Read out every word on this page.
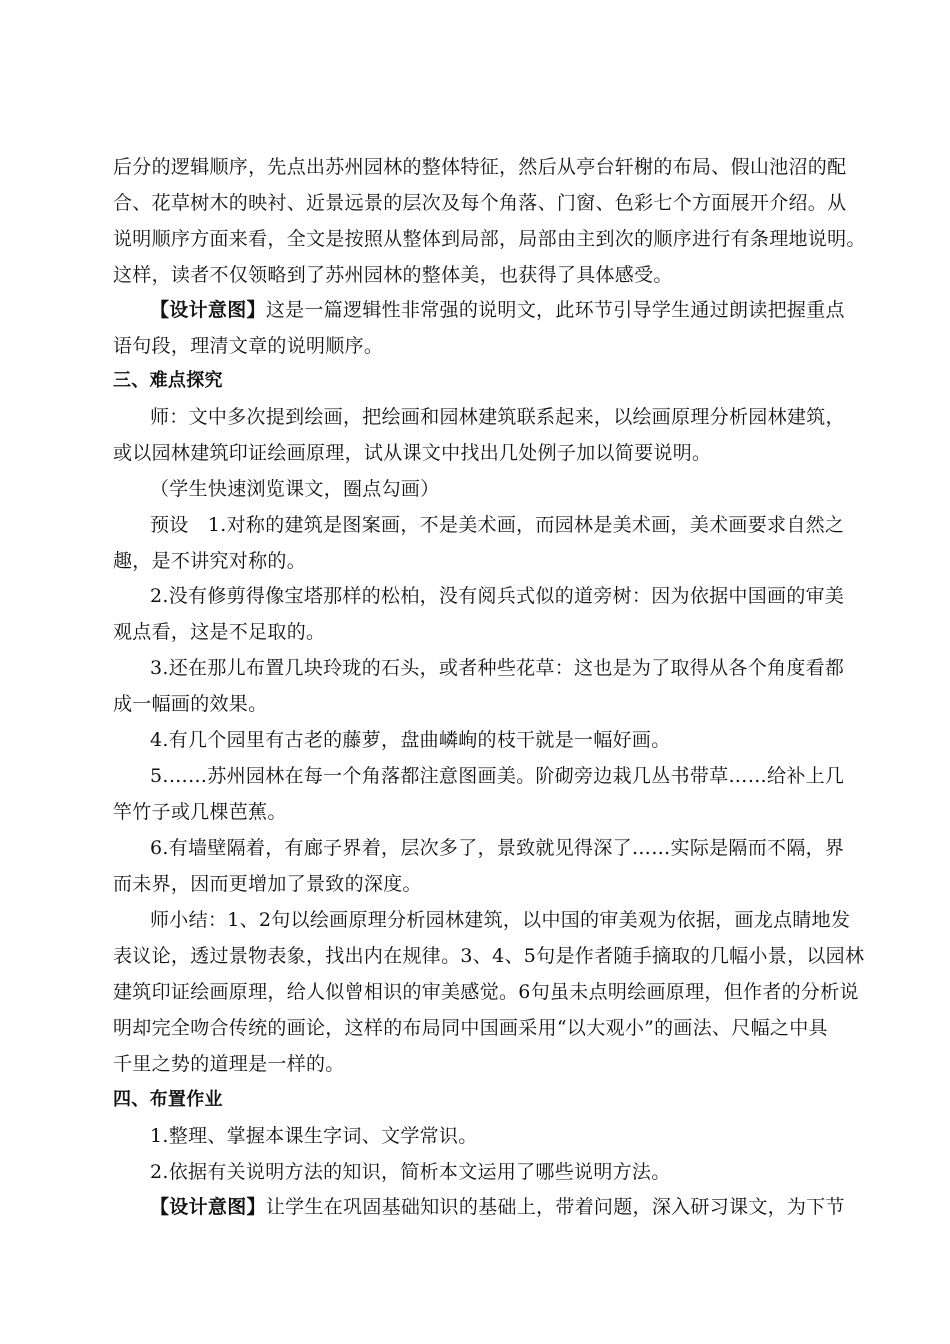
后分的逻辑顺序，先点出苏州园林的整体特征，然后从亭台轩榭的布局、假山池沼的配
合、花草树木的映衬、近景远景的层次及每个角落、门窗、色彩七个方面展开介绍。从
说明顺序方面来看，全文是按照从整体到局部，局部由主到次的顺序进行有条理地说明。
这样，读者不仅领略到了苏州园林的整体美，也获得了具体感受。
【设计意图】这是一篇逻辑性非常强的说明文，此环节引导学生通过朗读把握重点
语句段，理清文章的说明顺序。
三、难点探究
师：文中多次提到绘画，把绘画和园林建筑联系起来，以绘画原理分析园林建筑，
或以园林建筑印证绘画原理，试从课文中找出几处例子加以简要说明。
（学生快速浏览课文，圈点勾画）
预设　1.对称的建筑是图案画，不是美术画，而园林是美术画，美术画要求自然之
趣，是不讲究对称的。
2.没有修剪得像宝塔那样的松柏，没有阅兵式似的道旁树：因为依据中国画的审美
观点看，这是不足取的。
3.还在那儿布置几块玲珑的石头，或者种些花草：这也是为了取得从各个角度看都
成一幅画的效果。
4.有几个园里有古老的藤萝，盘曲嶙峋的枝干就是一幅好画。
5.……苏州园林在每一个角落都注意图画美。阶砌旁边栽几丛书带草……给补上几
竿竹子或几棵芭蕉。
6.有墙壁隔着，有廊子界着，层次多了，景致就见得深了……实际是隔而不隔，界
而未界，因而更增加了景致的深度。
师小结：1、2句以绘画原理分析园林建筑，以中国的审美观为依据，画龙点睛地发
表议论，透过景物表象，找出内在规律。3、4、5句是作者随手摘取的几幅小景，以园林
建筑印证绘画原理，给人似曾相识的审美感觉。6句虽未点明绘画原理，但作者的分析说
明却完全吻合传统的画论，这样的布局同中国画采用“以大观小”的画法、尺幅之中具
千里之势的道理是一样的。
四、布置作业
1.整理、掌握本课生字词、文学常识。
2.依据有关说明方法的知识，简析本文运用了哪些说明方法。
【设计意图】让学生在巩固基础知识的基础上，带着问题，深入研习课文，为下节
